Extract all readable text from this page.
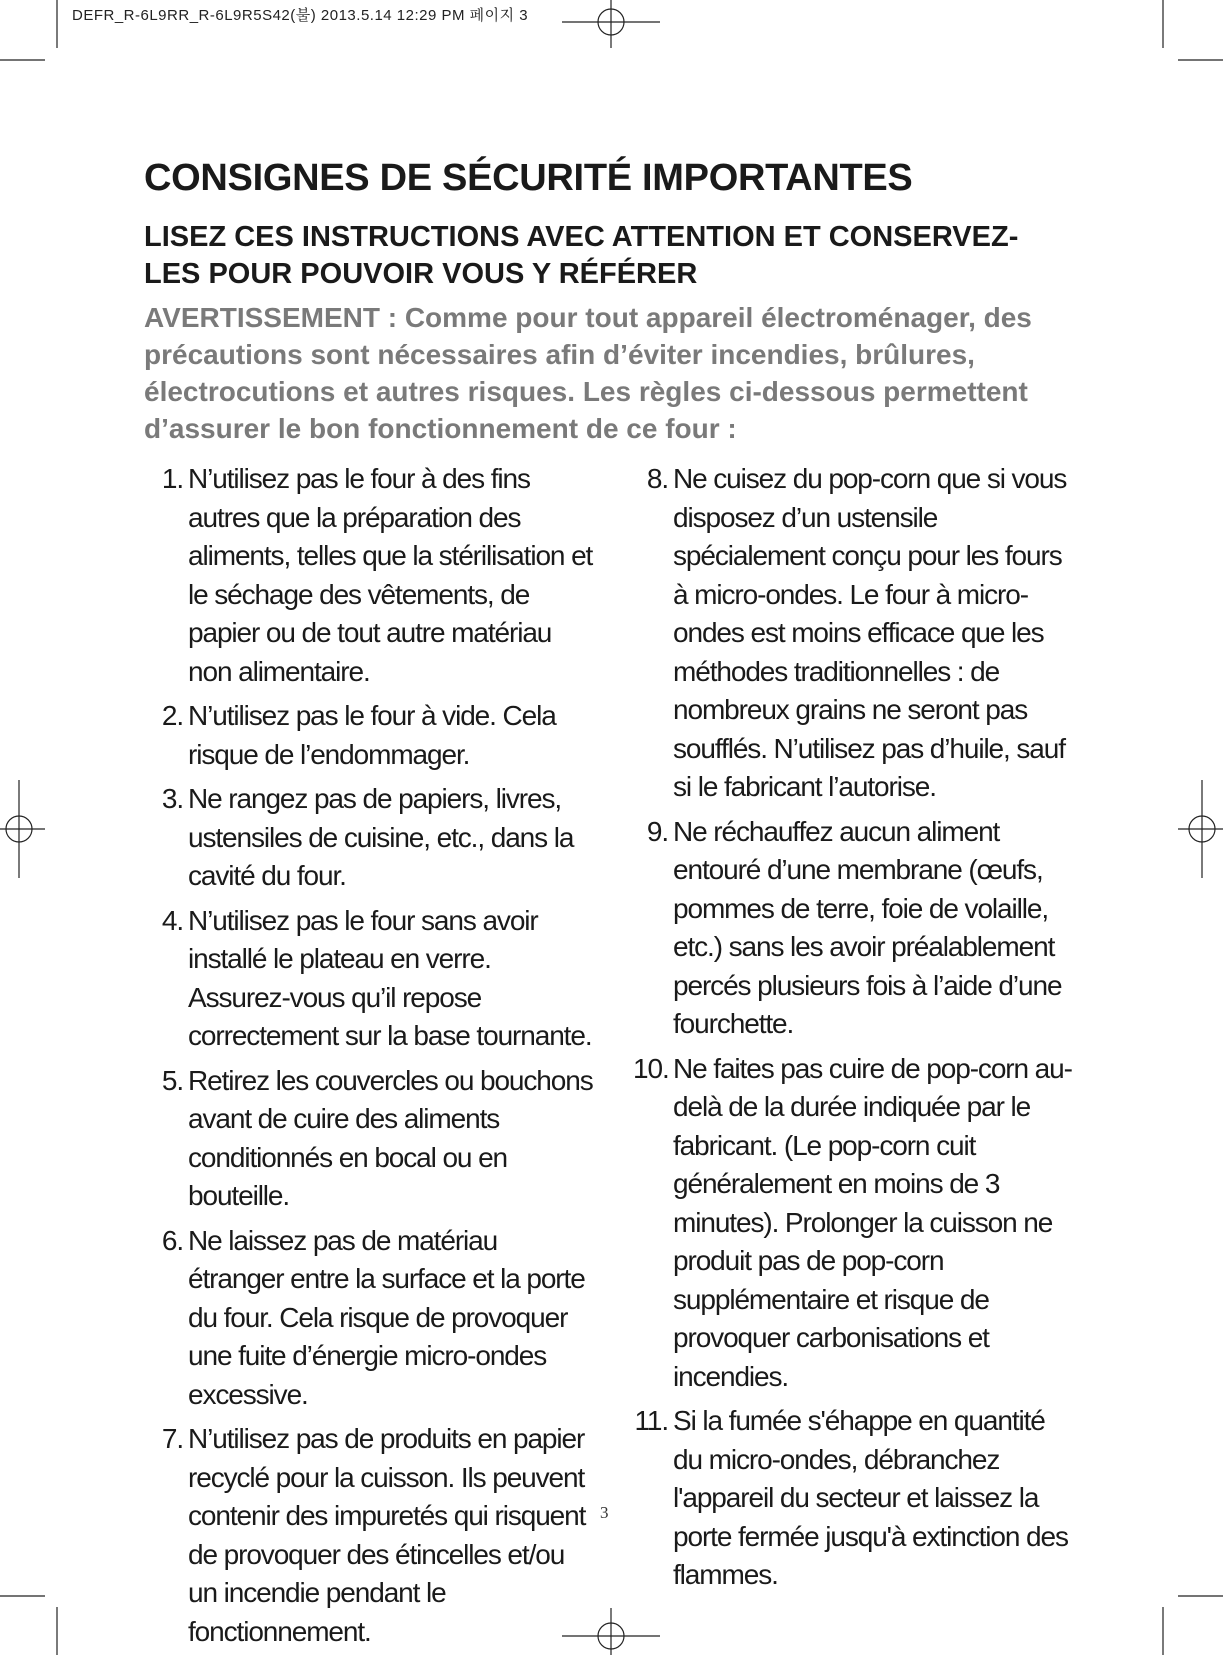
DEFR_R-6L9RR_R-6L9R5S42(불) 2013.5.14 12:29 PM 페이지 3
CONSIGNES DE SÉCURITÉ IMPORTANTES
LISEZ CES INSTRUCTIONS AVEC ATTENTION ET CONSERVEZ-LES POUR POUVOIR VOUS Y RÉFÉRER

AVERTISSEMENT : Comme pour tout appareil électroménager, des précautions sont nécessaires afin d’éviter incendies, brûlures, électrocutions et autres risques. Les règles ci-dessous permettent d’assurer le bon fonctionnement de ce four :

1. N’utilisez pas le four à des fins autres que la préparation des aliments, telles que la stérilisation et le séchage des vêtements, de papier ou de tout autre matériau non alimentaire.
2. N’utilisez pas le four à vide. Cela risque de l’endommager.
3. Ne rangez pas de papiers, livres, ustensiles de cuisine, etc., dans la cavité du four.
4. N’utilisez pas le four sans avoir installé le plateau en verre. Assurez-vous qu’il repose correctement sur la base tournante.
5. Retirez les couvercles ou bouchons avant de cuire des aliments conditionnés en bocal ou en bouteille.
6. Ne laissez pas de matériau étranger entre la surface et la porte du four. Cela risque de provoquer une fuite d’énergie micro-ondes excessive.
7. N’utilisez pas de produits en papier recyclé pour la cuisson. Ils peuvent contenir des impuretés qui risquent de provoquer des étincelles et/ou un incendie pendant le fonctionnement.
8. Ne cuisez du pop-corn que si vous disposez d’un ustensile spécialement conçu pour les fours à micro-ondes. Le four à micro-ondes est moins efficace que les méthodes traditionnelles : de nombreux grains ne seront pas soufflés. N’utilisez pas d’huile, sauf si le fabricant l’autorise.
9. Ne réchauffez aucun aliment entouré d’une membrane (œufs, pommes de terre, foie de volaille, etc.) sans les avoir préalablement percés plusieurs fois à l’aide d’une fourchette.
10. Ne faites pas cuire de pop-corn au-delà de la durée indiquée par le fabricant. (Le pop-corn cuit généralement en moins de 3 minutes). Prolonger la cuisson ne produit pas de pop-corn supplémentaire et risque de provoquer carbonisations et incendies.
11. Si la fumée s'éhappe en quantité du micro-ondes, débranchez l'appareil du secteur et laissez la porte fermée jusqu'à extinction des flammes.
3
